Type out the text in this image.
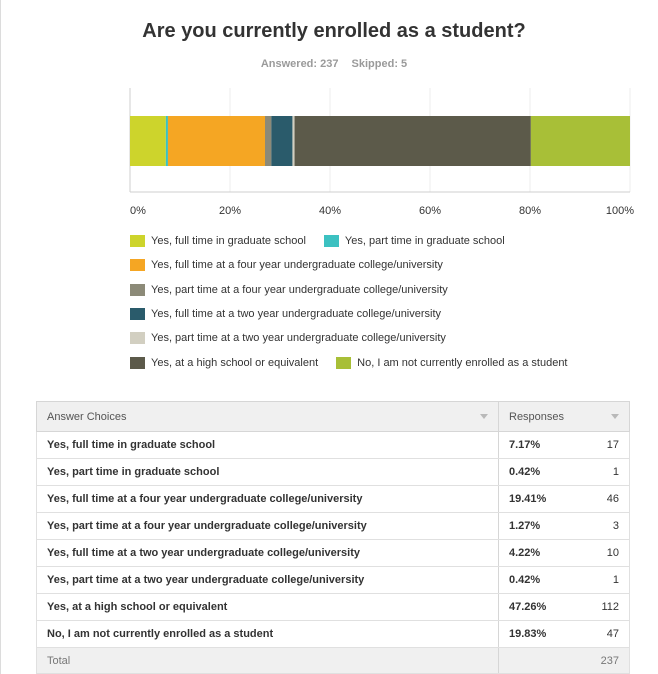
Are you currently enrolled as a student?
Answered: 237 Skipped: 5
0%	20%	40%	60%	80%	100%
Yes, full time in graduate school	Yes, part time in graduate school
Yes, full time at a four year undergraduate college/university
Yes, part time at a four year undergraduate college/university
Yes, full time at a two year undergraduate college/university
Yes, part time at a two year undergraduate college/university
Yes, at a high school or equivalent	No, I am not currently enrolled as a student
Answer Choices	Responses	

Yes, full time in graduate school	7.17%	17
Yes, part time in graduate school	0.42%	1
Yes, full time at a four year undergraduate college/university	19.41%	46
Yes, part time at a four year undergraduate college/university	1.27%	3
Yes, full time at a two year undergraduate college/university	4.22%	10
Yes, part time at a two year undergraduate college/university	0.42%	1
Yes, at a high school or equivalent	47.26%	112
No, I am not currently enrolled as a student	19.83%	47
Total		237
